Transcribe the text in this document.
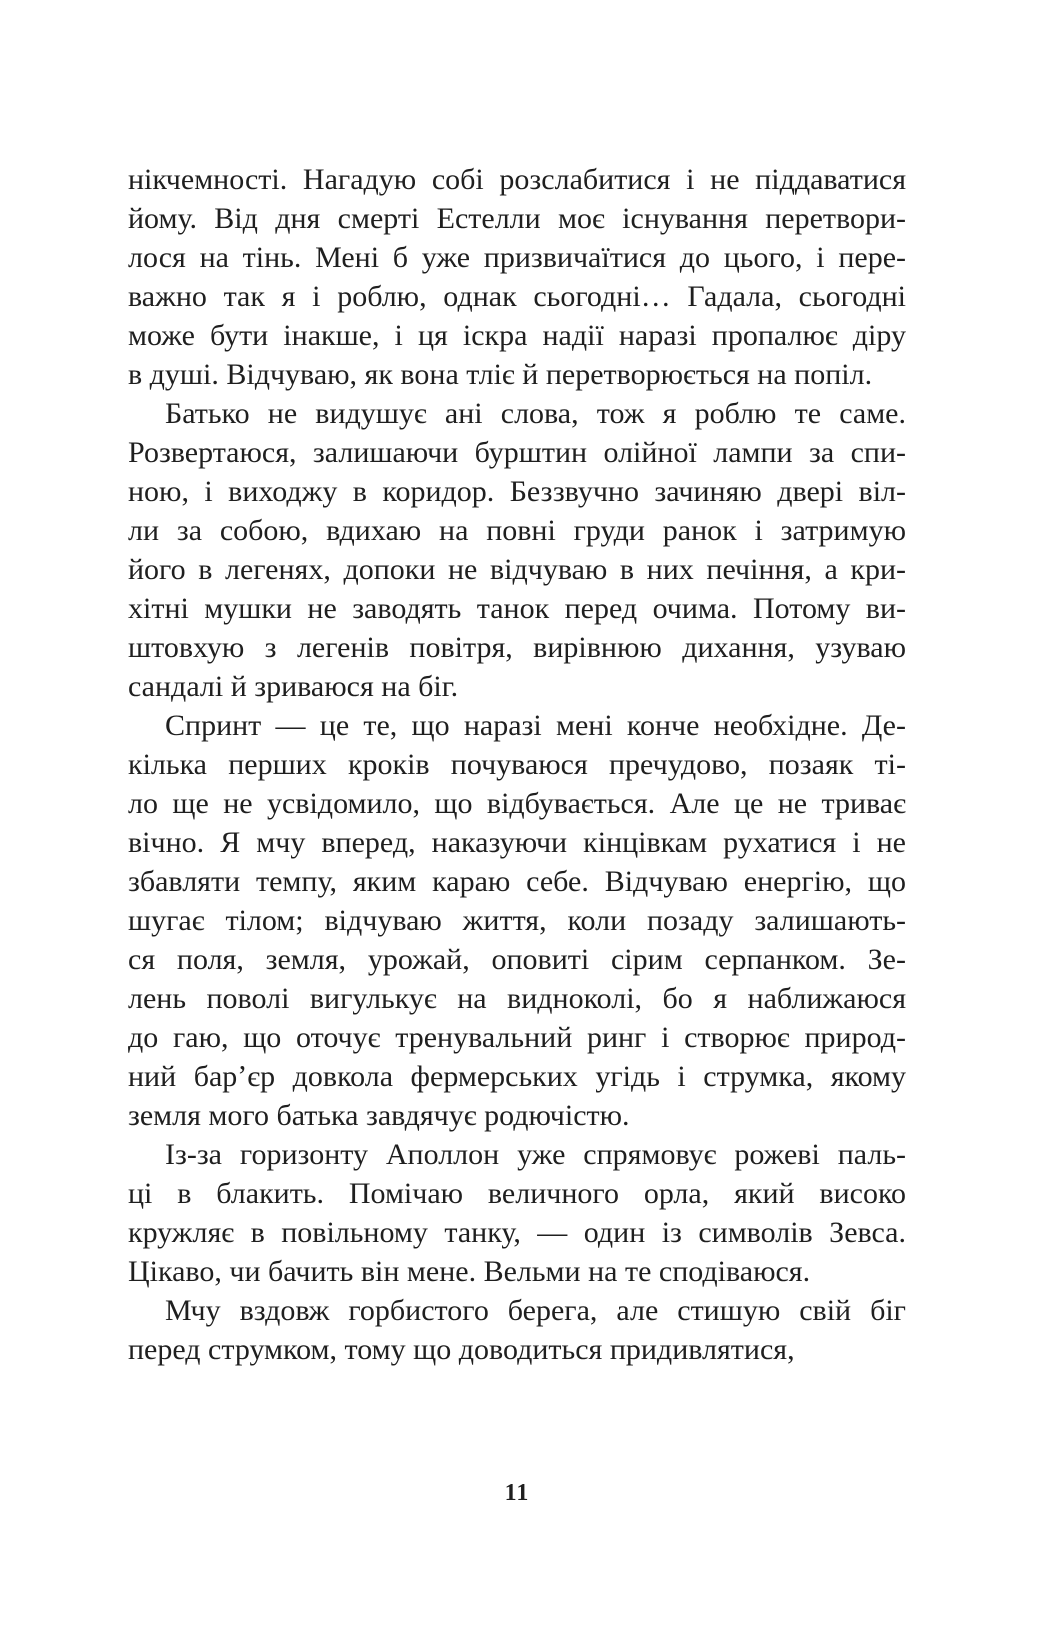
нікчемності. Нагадую собі розслабитися і не піддаватися
йому. Від дня смерті Естелли моє існування перетвори-
лося на тінь. Мені б уже призвичаїтися до цього, і пере-
важно так я і роблю, однак сьогодні… Гадала, сьогодні
може бути інакше, і ця іскра надії наразі пропалює діру
в душі. Відчуваю, як вона тліє й перетворюється на попіл.
Батько не видушує ані слова, тож я роблю те саме.
Розвертаюся, залишаючи бурштин олійної лампи за спи-
ною, і виходжу в коридор. Беззвучно зачиняю двері віл-
ли за собою, вдихаю на повні груди ранок і затримую
його в легенях, допоки не відчуваю в них печіння, а кри-
хітні мушки не заводять танок перед очима. Потому ви-
штовхую з легенів повітря, вирівнюю дихання, узуваю
сандалі й зриваюся на біг.
Спринт — це те, що наразі мені конче необхідне. Де-
кілька перших кроків почуваюся пречудово, позаяк ті-
ло ще не усвідомило, що відбувається. Але це не триває
вічно. Я мчу вперед, наказуючи кінцівкам рухатися і не
збавляти темпу, яким караю себе. Відчуваю енергію, що
шугає тілом; відчуваю життя, коли позаду залишають-
ся поля, земля, урожай, оповиті сірим серпанком. Зе-
лень поволі вигулькує на видноколі, бо я наближаюся
до гаю, що оточує тренувальний ринг і створює природ-
ний барʼєр довкола фермерських угідь і струмка, якому
земля мого батька завдячує родючістю.
Із-за горизонту Аполлон уже спрямовує рожеві паль-
ці в блакить. Помічаю величного орла, який високо
кружляє в повільному танку, — один із символів Зевса.
Цікаво, чи бачить він мене. Вельми на те сподіваюся.
Мчу вздовж горбистого берега, але стишую свій біг
перед струмком, тому що доводиться придивлятися,
11
